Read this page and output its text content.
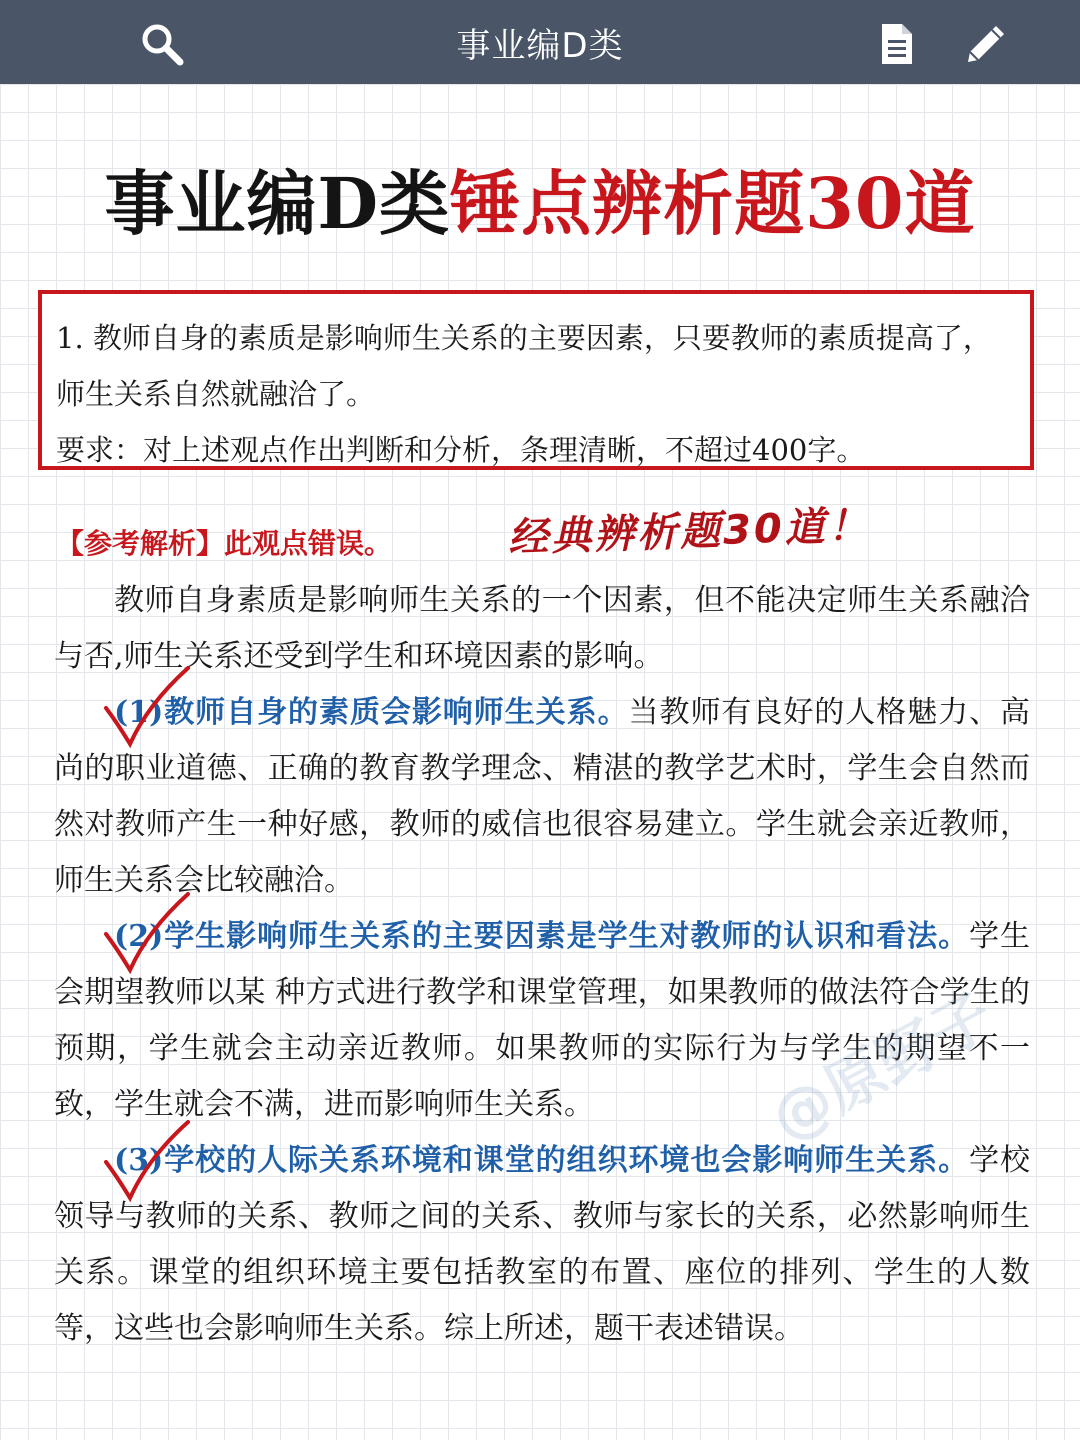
事业编D类
事业编D类锤点辨析题30道

1. 教师自身的素质是影响师生关系的主要因素，只要教师的素质提高了，师生关系自然就融洽了。

要求：对上述观点作出判断和分析，条理清晰，不超过400字。

【参考解析】此观点错误。	经典辨析题30道！

教师自身素质是影响师生关系的一个因素，但不能决定师生关系融洽与否,师生关系还受到学生和环境因素的影响。

(1)教师自身的素质会影响师生关系。当教师有良好的人格魅力、高尚的职业道德、正确的教育教学理念、精湛的教学艺术时，学生会自然而然对教师产生一种好感，教师的威信也很容易建立。学生就会亲近教师，师生关系会比较融洽。

(2)学生影响师生关系的主要因素是学生对教师的认识和看法。学生会期望教师以某 种方式进行教学和课堂管理，如果教师的做法符合学生的预期，学生就会主动亲近教师。如果教师的实际行为与学生的期望不一致，学生就会不满，进而影响师生关系。

(3)学校的人际关系环境和课堂的组织环境也会影响师生关系。学校领导与教师的关系、教师之间的关系、教师与家长的关系，必然影响师生关系。课堂的组织环境主要包括教室的布置、座位的排列、学生的人数等，这些也会影响师生关系。综上所述，题干表述错误。

@原野子
